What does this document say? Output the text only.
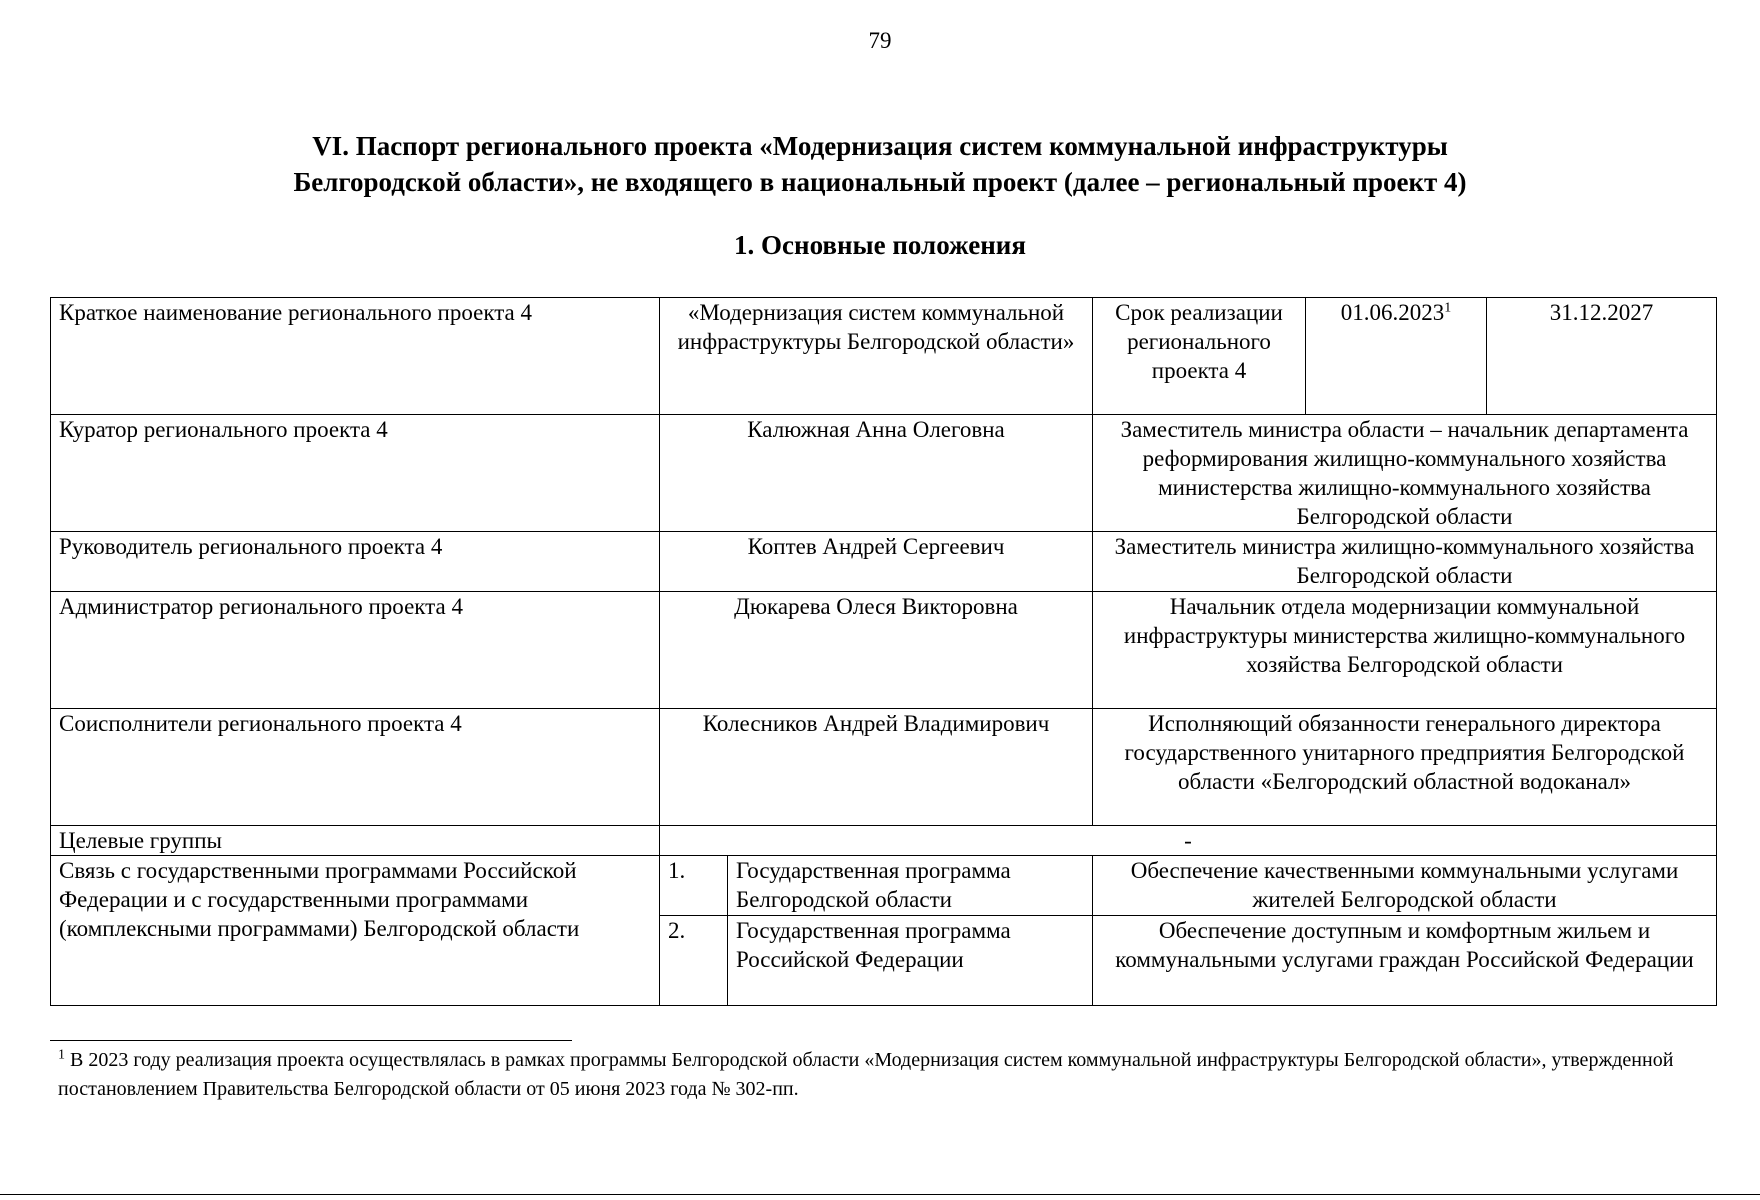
79
VI. Паспорт регионального проекта «Модернизация систем коммунальной инфраструктуры
Белгородской области», не входящего в национальный проект (далее – региональный проект 4)
1. Основные положения
Краткое наименование регионального проекта 4	«Модернизация систем коммунальной инфраструктуры Белгородской области»		Срок реализации регионального проекта 4	01.06.2023$^1$	31.12.2027
Куратор регионального проекта 4	Калюжная Анна Олеговна		Заместитель министра области – начальник департамента реформирования жилищно-коммунального хозяйства министерства жилищно-коммунального хозяйства Белгородской области		
Руководитель регионального проекта 4	Коптев Андрей Сергеевич		Заместитель министра жилищно-коммунального хозяйства Белгородской области		
Администратор регионального проекта 4	Дюкарева Олеся Викторовна		Начальник отдела модернизации коммунальной инфраструктуры министерства жилищно-коммунального хозяйства Белгородской области		
Соисполнители регионального проекта 4	Колесников Андрей Владимирович		Исполняющий обязанности генерального директора государственного унитарного предприятия Белгородской области «Белгородский областной водоканал»		
Целевые группы	-				
Связь с государственными программами Российской Федерации и с государственными программами (комплексными программами) Белгородской области	1.	Государственная программа Белгородской области	Обеспечение качественными коммунальными услугами жителей Белгородской области		
	2.	Государственная программа Российской Федерации	Обеспечение доступным и комфортным жильем и коммунальными услугами граждан Российской Федерации		
$^1$ В 2023 году реализация проекта осуществлялась в рамках программы Белгородской области «Модернизация систем коммунальной инфраструктуры Белгородской области», утвержденной постановлением Правительства Белгородской области от 05 июня 2023 года № 302-пп.
